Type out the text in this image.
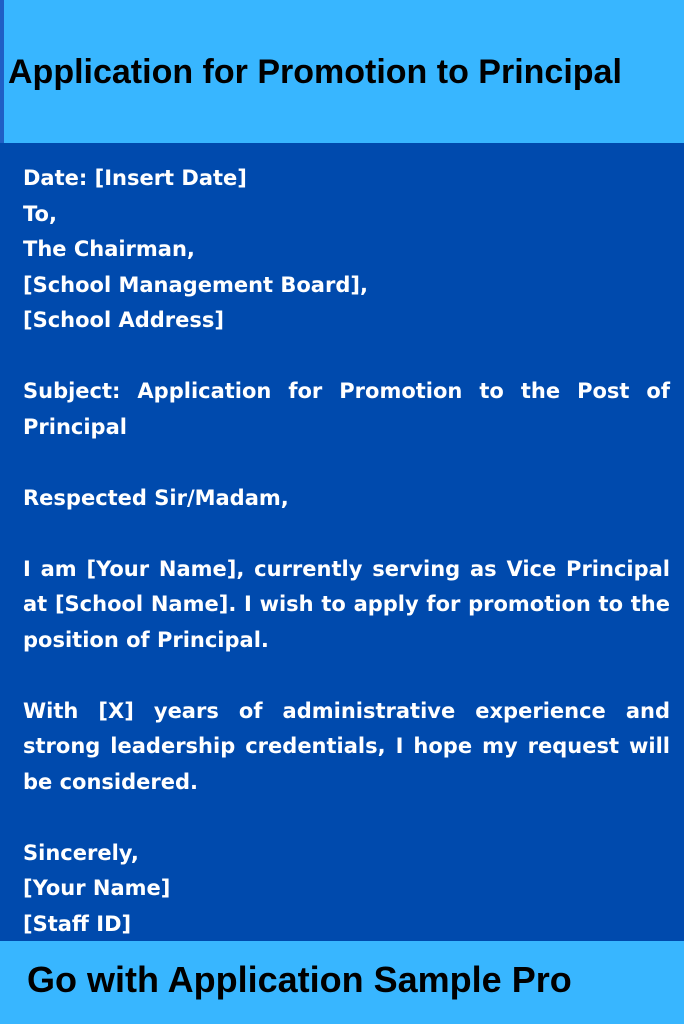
Application for Promotion to Principal
Date: [Insert Date]
To,
The Chairman,
[School Management Board],
[School Address]

Subject: Application for Promotion to the Post of Principal

Respected Sir/Madam,

I am [Your Name], currently serving as Vice Principal at [School Name]. I wish to apply for promotion to the position of Principal.

With [X] years of administrative experience and strong leadership credentials, I hope my request will be considered.

Sincerely,
[Your Name]
[Staff ID]

Go with Application Sample Pro
